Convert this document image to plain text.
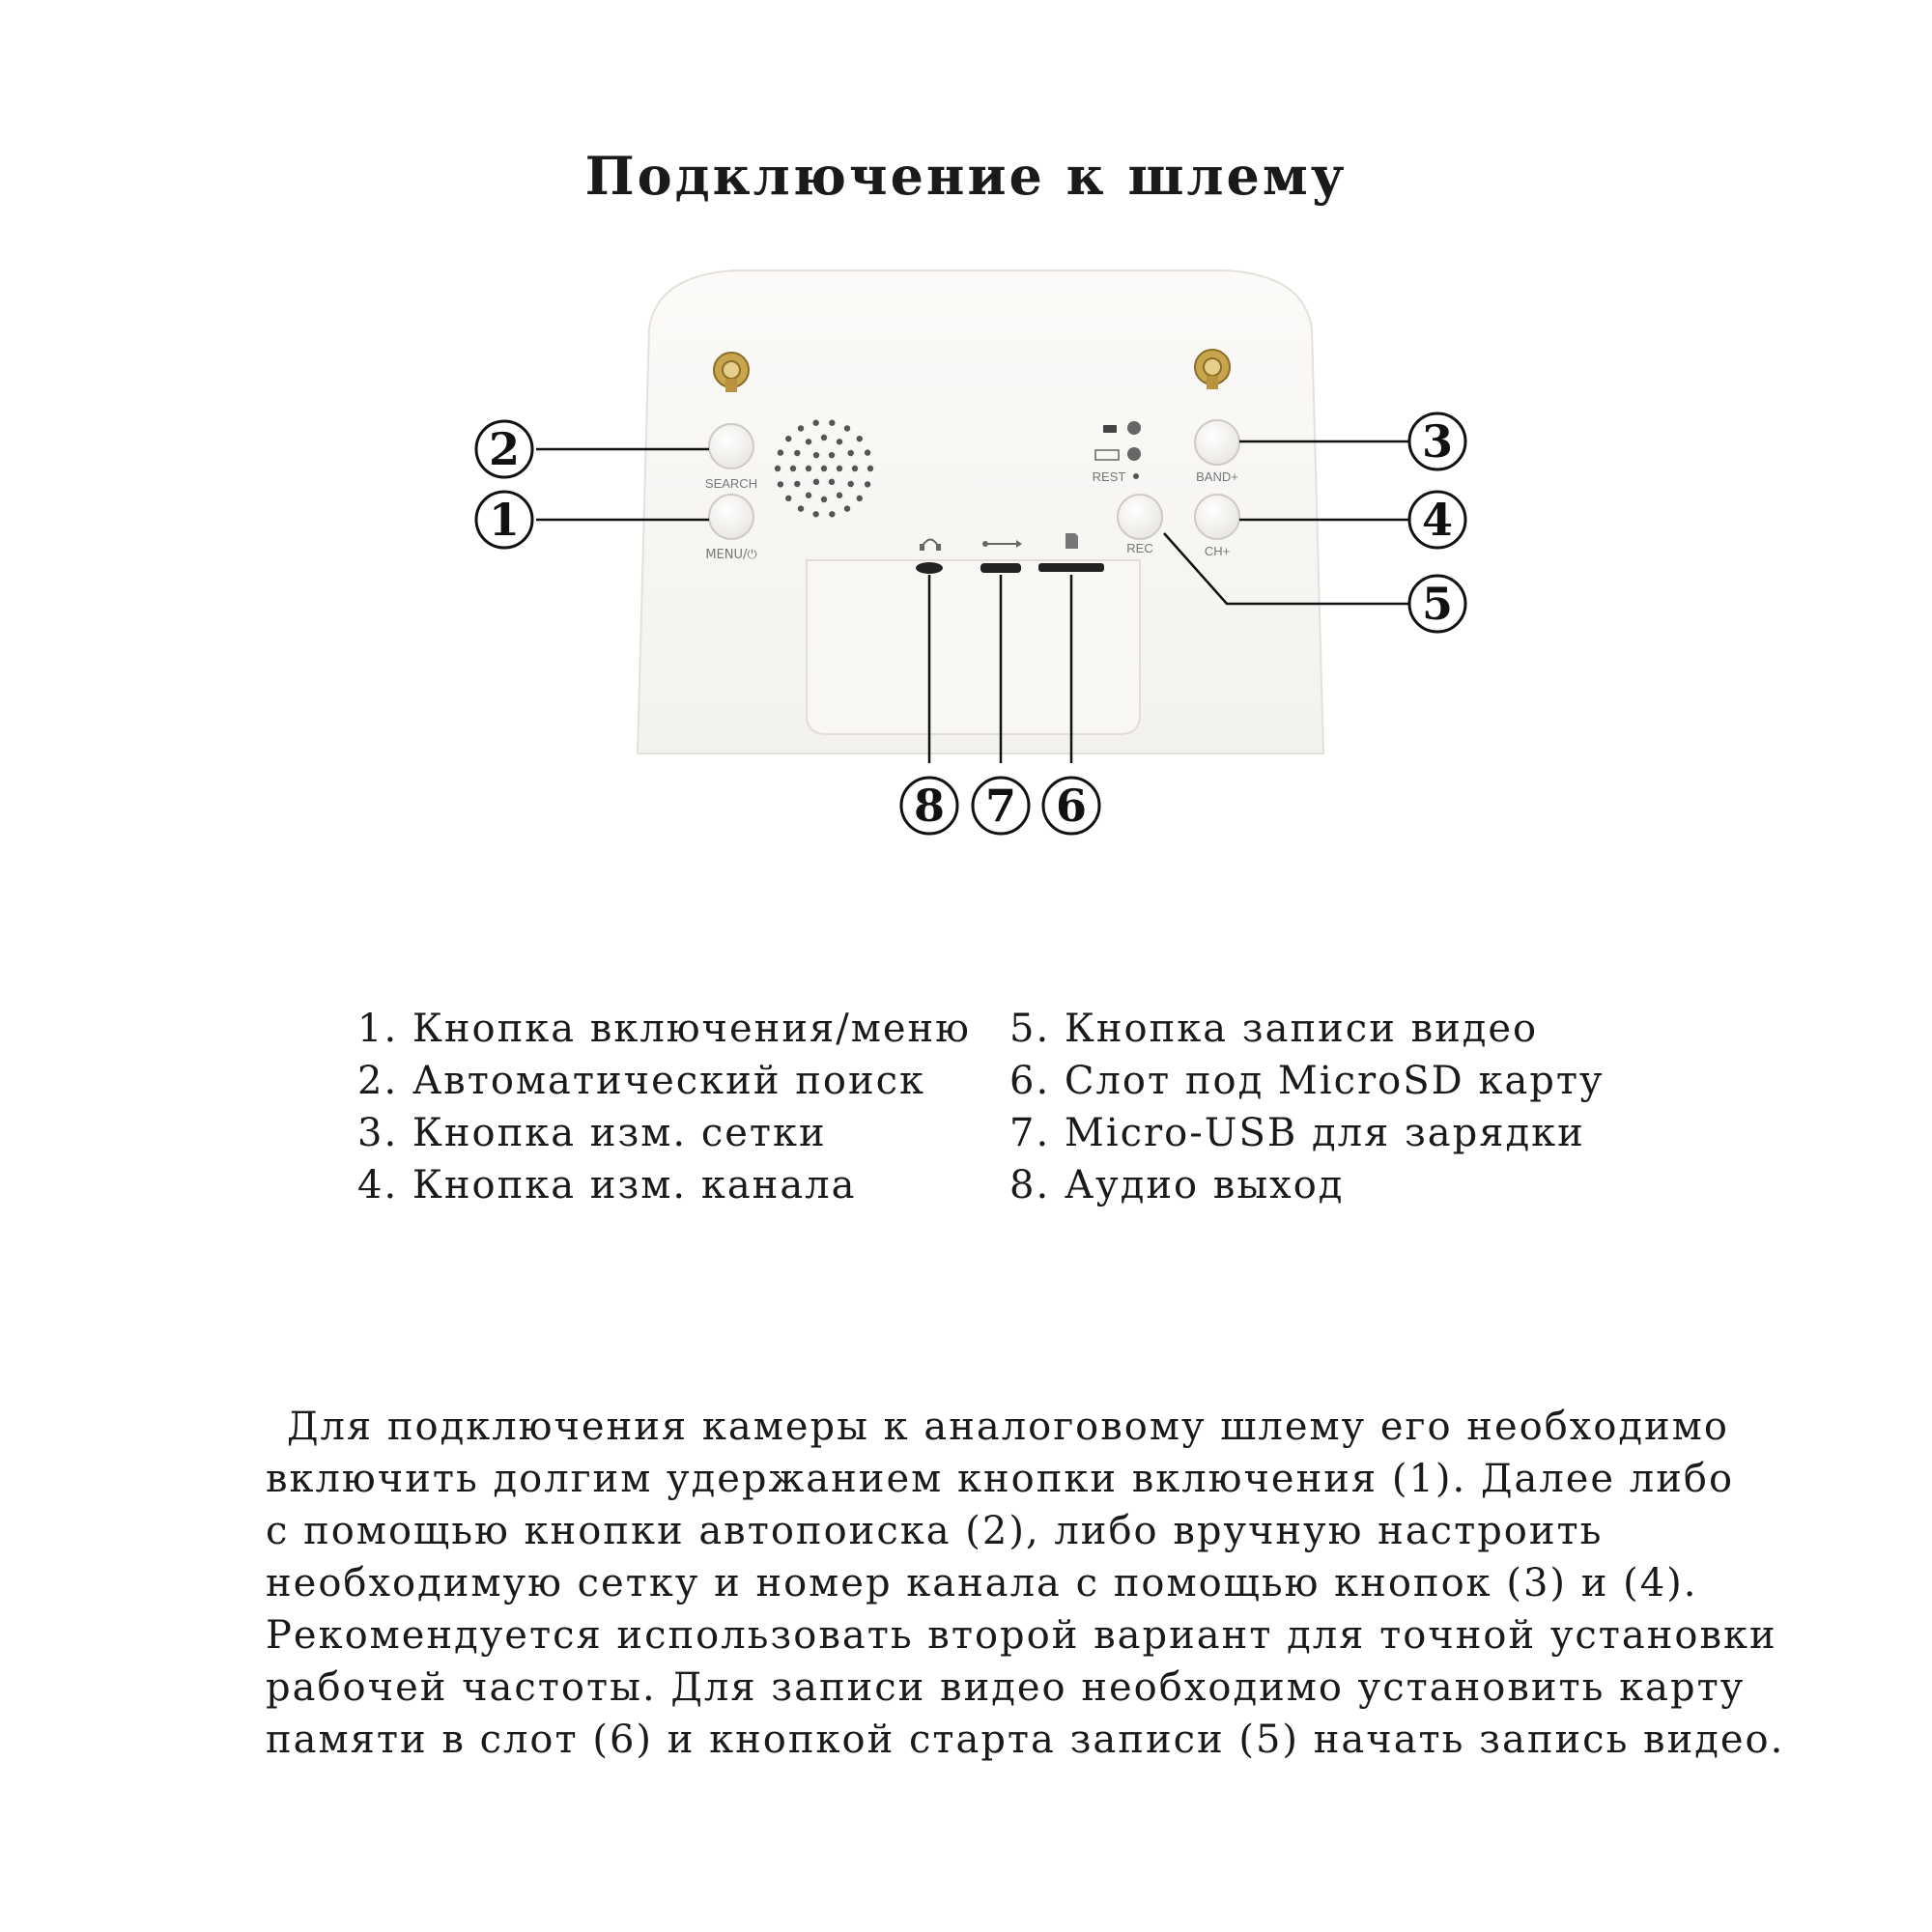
Подключение к шлему
SEARCH
MENU/⏻
BAND+
CH+
REC
REST
1
2	3
4
5
6
7
8
1. Кнопка включения/меню
2. Автоматический поиск
3. Кнопка изм. сетки
4. Кнопка изм. канала
5. Кнопка записи видео
6. Слот под MicroSD карту
7. Micro-USB для зарядки
8. Аудио выход

Для подключения камеры к аналоговому шлему его необходимо

включить долгим удержанием кнопки включения (1). Далее либо

с помощью кнопки автопоиска (2), либо вручную настроить

необходимую сетку и номер канала с помощью кнопок (3) и (4).

Рекомендуется использовать второй вариант для точной установки

рабочей частоты. Для записи видео необходимо установить карту

памяти в слот (6) и кнопкой старта записи (5) начать запись видео.
